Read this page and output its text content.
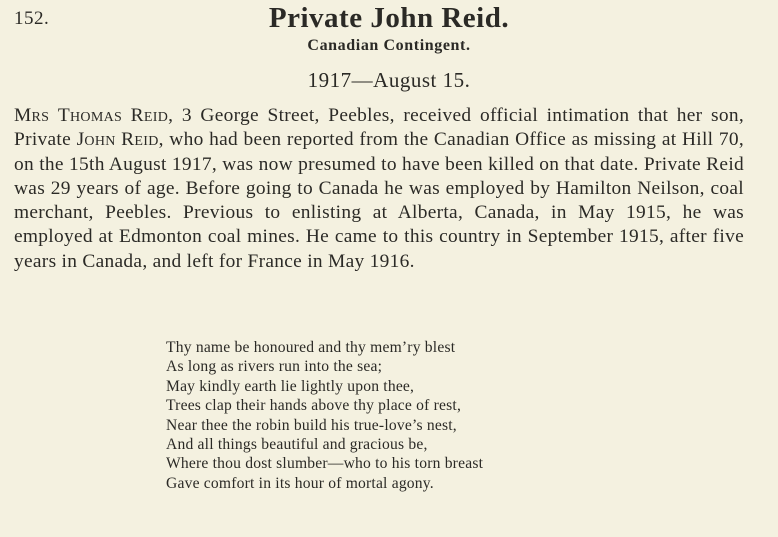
152.	Private John Reid.
Canadian Contingent.
1917—August 15.

Mrs Thomas Reid, 3 George Street, Peebles, received official intimation that her son, Private John Reid, who had been reported from the Canadian Office as missing at Hill 70, on the 15th August 1917, was now presumed to have been killed on that date. Private Reid was 29 years of age. Before going to Canada he was employed by Hamilton Neilson, coal merchant, Peebles. Previous to enlisting at Alberta, Canada, in May 1915, he was employed at Edmonton coal mines. He came to this country in September 1915, after five years in Canada, and left for France in May 1916.

Thy name be honoured and thy mem’ry blest
As long as rivers run into the sea;
May kindly earth lie lightly upon thee,
Trees clap their hands above thy place of rest,
Near thee the robin build his true-love’s nest,
And all things beautiful and gracious be,
Where thou dost slumber—who to his torn breast
Gave comfort in its hour of mortal agony.
